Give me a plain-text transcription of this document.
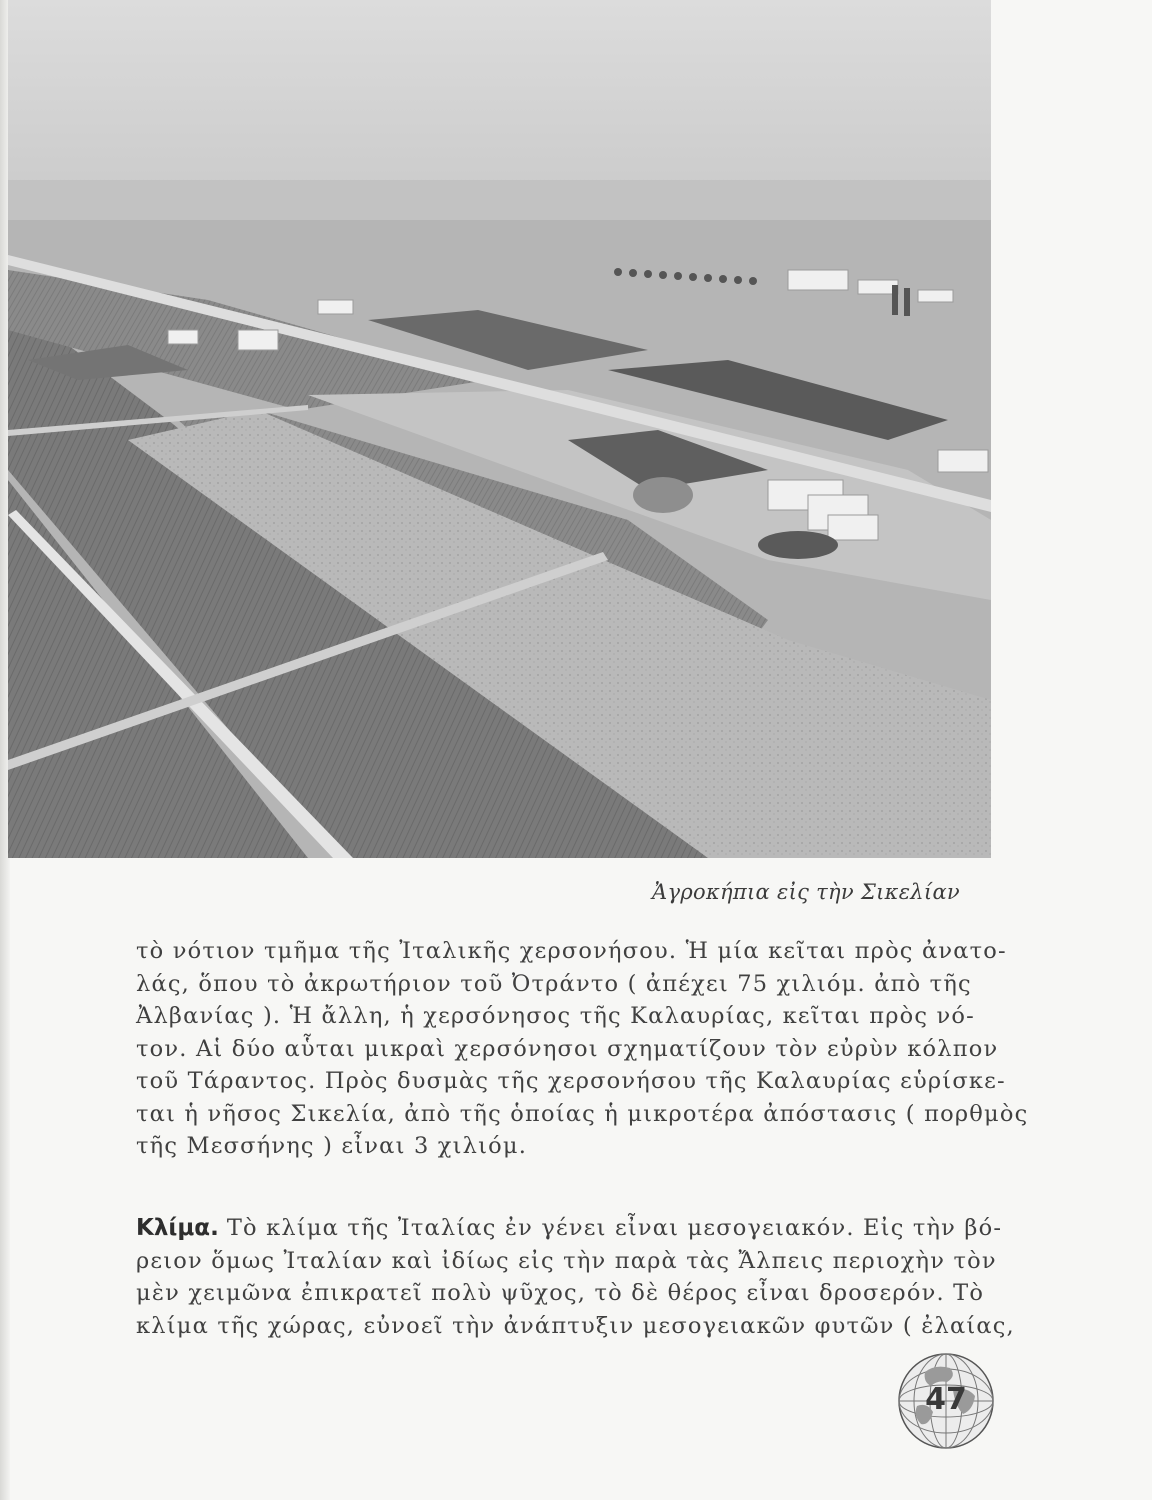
Ἀγροκήπια εἰς τὴν Σικελίαν
τὸ νότιον τμῆμα τῆς Ἰταλικῆς χερσονήσου. Ἡ μία κεῖται πρὸς ἀνατο-
λάς, ὅπου τὸ ἀκρωτήριον τοῦ Ὀτράντο ( ἀπέχει 75 χιλιόμ. ἀπὸ τῆς
Ἀλβανίας ). Ἡ ἄλλη, ἡ χερσόνησος τῆς Καλαυρίας, κεῖται πρὸς νό-
τον. Αἱ δύο αὗται μικραὶ χερσόνησοι σχηματίζουν τὸν εὐρὺν κόλπον
τοῦ Τάραντος. Πρὸς δυσμὰς τῆς χερσονήσου τῆς Καλαυρίας εὑρίσκε-
ται ἡ νῆσος Σικελία, ἀπὸ τῆς ὁποίας ἡ μικροτέρα ἀπόστασις ( πορθμὸς
τῆς Μεσσήνης ) εἶναι 3 χιλιόμ.
Κλίμα. Τὸ κλίμα τῆς Ἰταλίας ἐν γένει εἶναι μεσογειακόν. Εἰς τὴν βό-
ρειον ὅμως Ἰταλίαν καὶ ἰδίως εἰς τὴν παρὰ τὰς Ἄλπεις περιοχὴν τὸν
μὲν χειμῶνα ἐπικρατεῖ πολὺ ψῦχος, τὸ δὲ θέρος εἶναι δροσερόν. Τὸ
κλίμα τῆς χώρας, εὐνοεῖ τὴν ἀνάπτυξιν μεσογειακῶν φυτῶν ( ἐλαίας,
47
